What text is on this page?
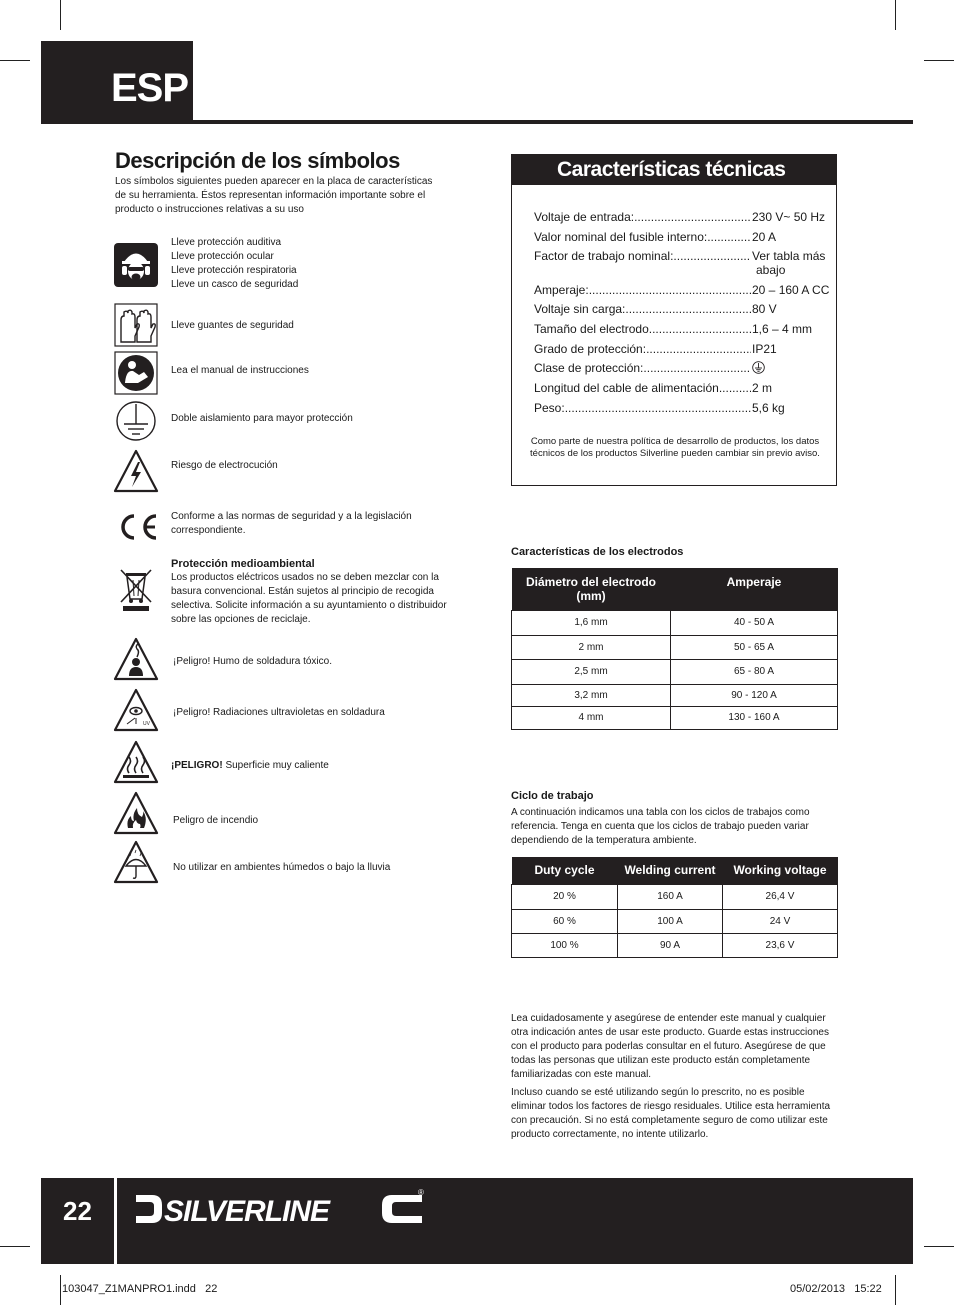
ESP
Descripción de los símbolos

Los símbolos siguientes pueden aparecer en la placa de características de su herramienta. Éstos representan información importante sobre el producto o instrucciones relativas a su uso

Lleve protección auditiva
Lleve protección ocular
Lleve protección respiratoria
Lleve un casco de seguridad
Lleve guantes de seguridad
Lea el manual de instrucciones
Doble aislamiento para mayor protección
Riesgo de electrocución
Conforme a las normas de seguridad y a la legislación
correspondiente.
Protección medioambiental
Los productos eléctricos usados no se deben mezclar con la
basura convencional. Están sujetos al principio de recogida
selectiva. Solicite información a su ayuntamiento o distribuidor
sobre las opciones de reciclaje.
¡Peligro! Humo de soldadura tóxico.
UV
¡Peligro! Radiaciones ultravioletas en soldadura
¡PELIGRO! Superficie muy caliente
Peligro de incendio
No utilizar en ambientes húmedos o bajo la lluvia
Características técnicas
Voltaje de entrada: .....	230 V~ 50 Hz
Valor nominal del fusible interno: .....	20 A
Factor de trabajo nominal: .....	Ver tabla más
abajo
Amperaje: .....	20 – 160 A CC
Voltaje sin carga: .....	80 V
Tamaño del electrodo .....	1,6 – 4 mm
Grado de protección: .....	IP21
Clase de protección: .....
Longitud del cable de alimentación .....	2 m
Peso: .....	5,6 kg
Como parte de nuestra política de desarrollo de productos, los datos técnicos de los productos Silverline pueden cambiar sin previo aviso.
Características de los electrodos
Diámetro del electrodo
(mm)	Amperaje
1,6 mm	40 - 50 A
2 mm	50 - 65 A
2,5 mm	65 - 80 A
3,2 mm	90 - 120 A
4 mm	130 - 160 A
Ciclo de trabajo

A continuación indicamos una tabla con los ciclos de trabajos como referencia. Tenga en cuenta que los ciclos de trabajo pueden variar dependiendo de la temperatura ambiente.

Duty cycle	Welding current	Working voltage
20 %	160 A	26,4 V
60 %	100 A	24 V
100 %	90 A	23,6 V

Lea cuidadosamente y asegúrese de entender este manual y cualquier otra indicación antes de usar este producto. Guarde estas instrucciones con el producto para poderlas consultar en el futuro. Asegúrese de que todas las personas que utilizan este producto están completamente familiarizadas con este manual.

Incluso cuando se esté utilizando según lo prescrito, no es posible eliminar todos los factores de riesgo residuales. Utilice esta herramienta con precaución. Si no está completamente seguro de como utilizar este producto correctamente, no intente utilizarlo.

22	SILVERLINE
®
103047_Z1MANPRO1.indd   22	05/02/2013   15:22
